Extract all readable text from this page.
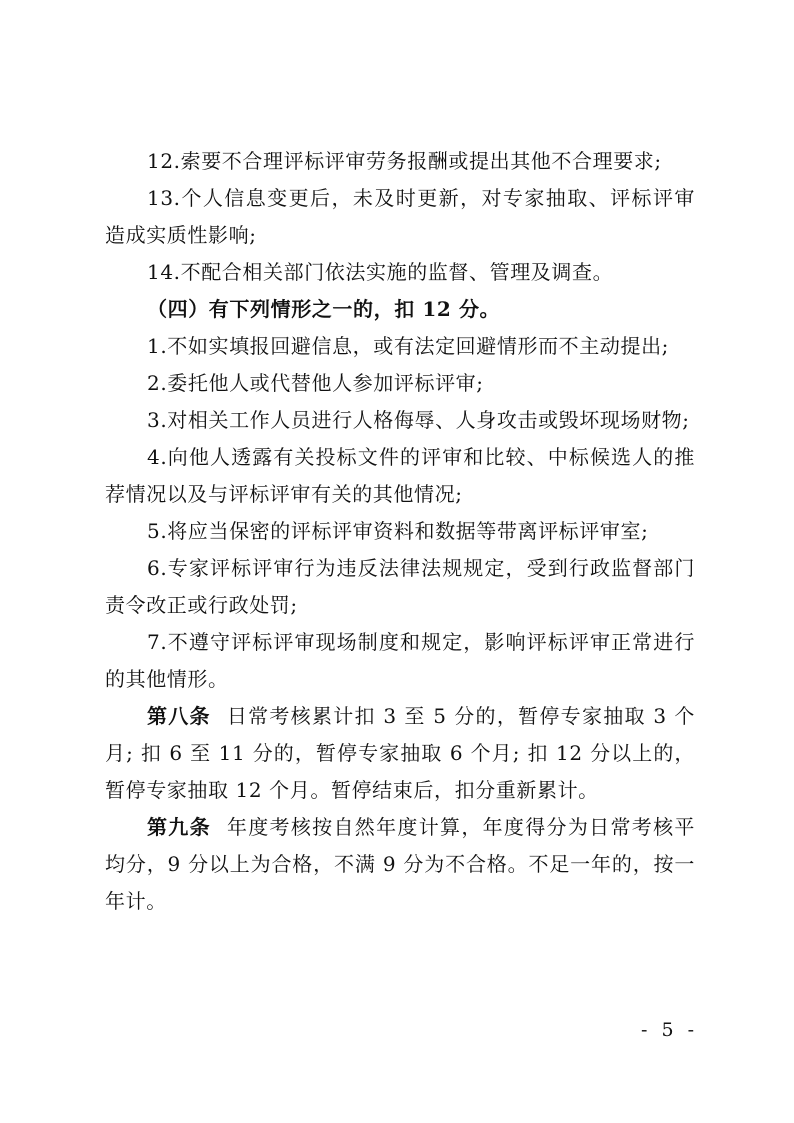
12.索要不合理评标评审劳务报酬或提出其他不合理要求;

13.个人信息变更后，未及时更新，对专家抽取、评标评审造成实质性影响;

14.不配合相关部门依法实施的监督、管理及调查。

（四）有下列情形之一的，扣 12 分。

1.不如实填报回避信息，或有法定回避情形而不主动提出;

2.委托他人或代替他人参加评标评审;

3.对相关工作人员进行人格侮辱、人身攻击或毁坏现场财物;

4.向他人透露有关投标文件的评审和比较、中标候选人的推荐情况以及与评标评审有关的其他情况;

5.将应当保密的评标评审资料和数据等带离评标评审室;

6.专家评标评审行为违反法律法规规定，受到行政监督部门责令改正或行政处罚;

7.不遵守评标评审现场制度和规定，影响评标评审正常进行的其他情形。

第八条 日常考核累计扣 3 至 5 分的，暂停专家抽取 3 个月; 扣 6 至 11 分的，暂停专家抽取 6 个月; 扣 12 分以上的，暂停专家抽取 12 个月。暂停结束后，扣分重新累计。

第九条 年度考核按自然年度计算，年度得分为日常考核平均分，9 分以上为合格，不满 9 分为不合格。不足一年的，按一年计。

- 5 -
